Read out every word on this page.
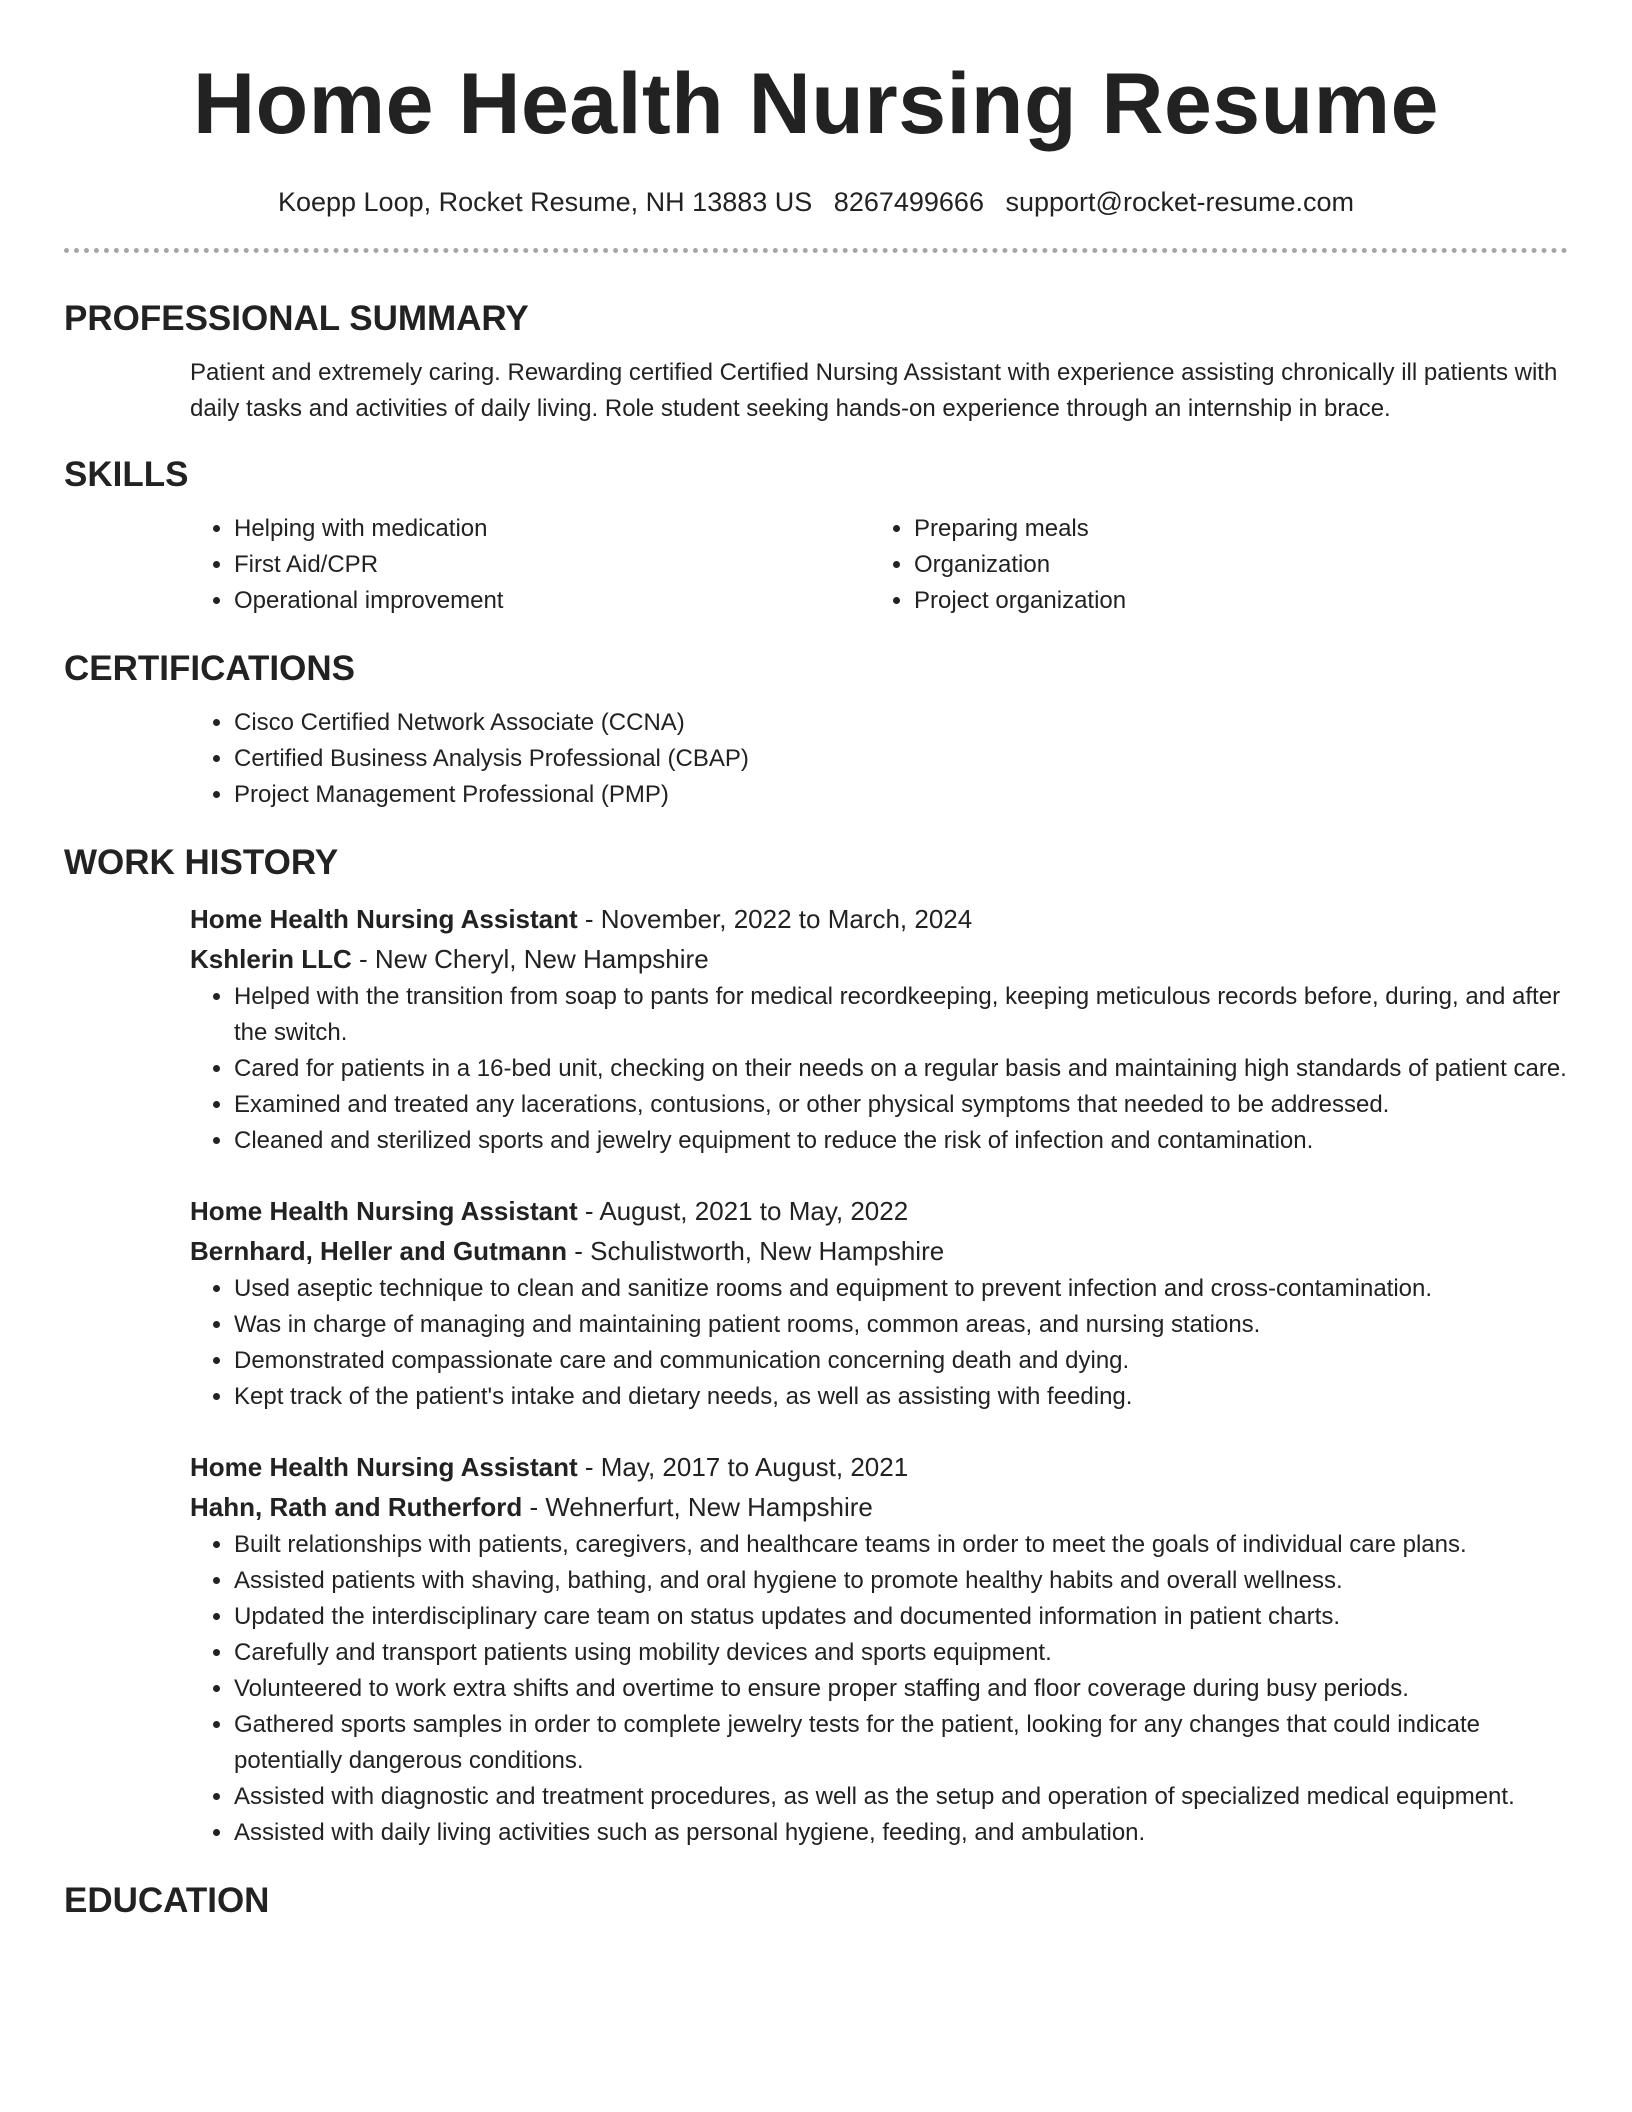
Home Health Nursing Resume
Koepp Loop, Rocket Resume, NH 13883 US 8267499666 support@rocket-resume.com
PROFESSIONAL SUMMARY

Patient and extremely caring. Rewarding certified Certified Nursing Assistant with experience assisting chronically ill patients with daily tasks and activities of daily living. Role student seeking hands-on experience through an internship in brace.

SKILLS
• Helping with medication
• First Aid/CPR
• Operational improvement
• Preparing meals
• Organization
• Project organization
CERTIFICATIONS
• Cisco Certified Network Associate (CCNA)
• Certified Business Analysis Professional (CBAP)
• Project Management Professional (PMP)
WORK HISTORY
Home Health Nursing Assistant - November, 2022 to March, 2024
Kshlerin LLC - New Cheryl, New Hampshire
• Helped with the transition from soap to pants for medical recordkeeping, keeping meticulous records before, during, and after the switch.
• Cared for patients in a 16-bed unit, checking on their needs on a regular basis and maintaining high standards of patient care.
• Examined and treated any lacerations, contusions, or other physical symptoms that needed to be addressed.
• Cleaned and sterilized sports and jewelry equipment to reduce the risk of infection and contamination.
Home Health Nursing Assistant - August, 2021 to May, 2022
Bernhard, Heller and Gutmann - Schulistworth, New Hampshire
• Used aseptic technique to clean and sanitize rooms and equipment to prevent infection and cross-contamination.
• Was in charge of managing and maintaining patient rooms, common areas, and nursing stations.
• Demonstrated compassionate care and communication concerning death and dying.
• Kept track of the patient's intake and dietary needs, as well as assisting with feeding.
Home Health Nursing Assistant - May, 2017 to August, 2021
Hahn, Rath and Rutherford - Wehnerfurt, New Hampshire
• Built relationships with patients, caregivers, and healthcare teams in order to meet the goals of individual care plans.
• Assisted patients with shaving, bathing, and oral hygiene to promote healthy habits and overall wellness.
• Updated the interdisciplinary care team on status updates and documented information in patient charts.
• Carefully and transport patients using mobility devices and sports equipment.
• Volunteered to work extra shifts and overtime to ensure proper staffing and floor coverage during busy periods.
• Gathered sports samples in order to complete jewelry tests for the patient, looking for any changes that could indicate potentially dangerous conditions.
• Assisted with diagnostic and treatment procedures, as well as the setup and operation of specialized medical equipment.
• Assisted with daily living activities such as personal hygiene, feeding, and ambulation.
EDUCATION
